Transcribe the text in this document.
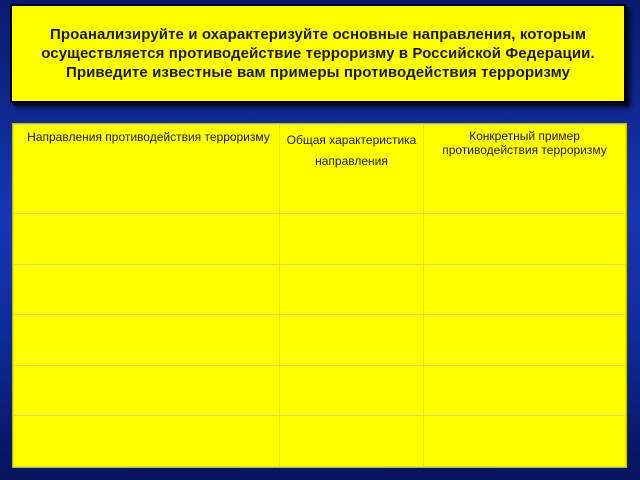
Проанализируйте и охарактеризуйте основные направления, которым осуществляется противодействие терроризму в Российской Федерации. Приведите известные вам примеры противодействия терроризму
Направления противодействия терроризму	Общая характеристика направления	Конкретный пример противодействия терроризму
